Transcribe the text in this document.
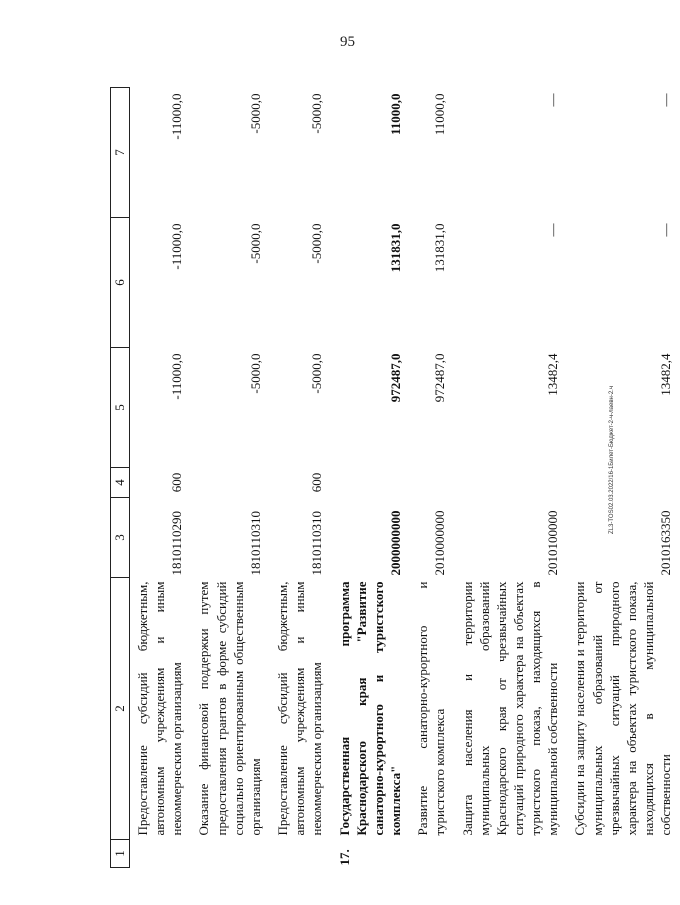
95
ZL3-TOS02.03.2022/16-1Билет-Бюджет-2-ч-лаевн-2.ч
1	2	3	4	5	6	7
	Предоставление субсидий бюджетным, автономным учреждениям и иным некоммерческим организациям	1810110290	600	-11000,0	-11000,0	-11000,0
	Оказание финансовой поддержки путем предоставления грантов в форме субсидий социально ориентированным общественным организациям	1810110310		-5000,0	-5000,0	-5000,0
	Предоставление субсидий бюджетным, автономным учреждениям и иным некоммерческим организациям	1810110310	600	-5000,0	-5000,0	-5000,0
17.	Государственная программа Краснодарского края "Развитие санаторно-курортного и туристского комплекса"	2000000000		972487,0	131831,0	11000,0
	Развитие санаторно-курортного и туристского комплекса	2010000000		972487,0	131831,0	11000,0
	Защита населения и территории муниципальных образований Краснодарского края от чрезвычайных ситуаций природного характера на объектах туристского показа, находящихся в муниципальной собственности	2010100000		13482,4	—	—
	Субсидии на защиту населения и территории муниципальных образований от чрезвычайных ситуаций природного характера на объектах туристского показа, находящихся в муниципальной собственности	2010163350		13482,4	—	—
